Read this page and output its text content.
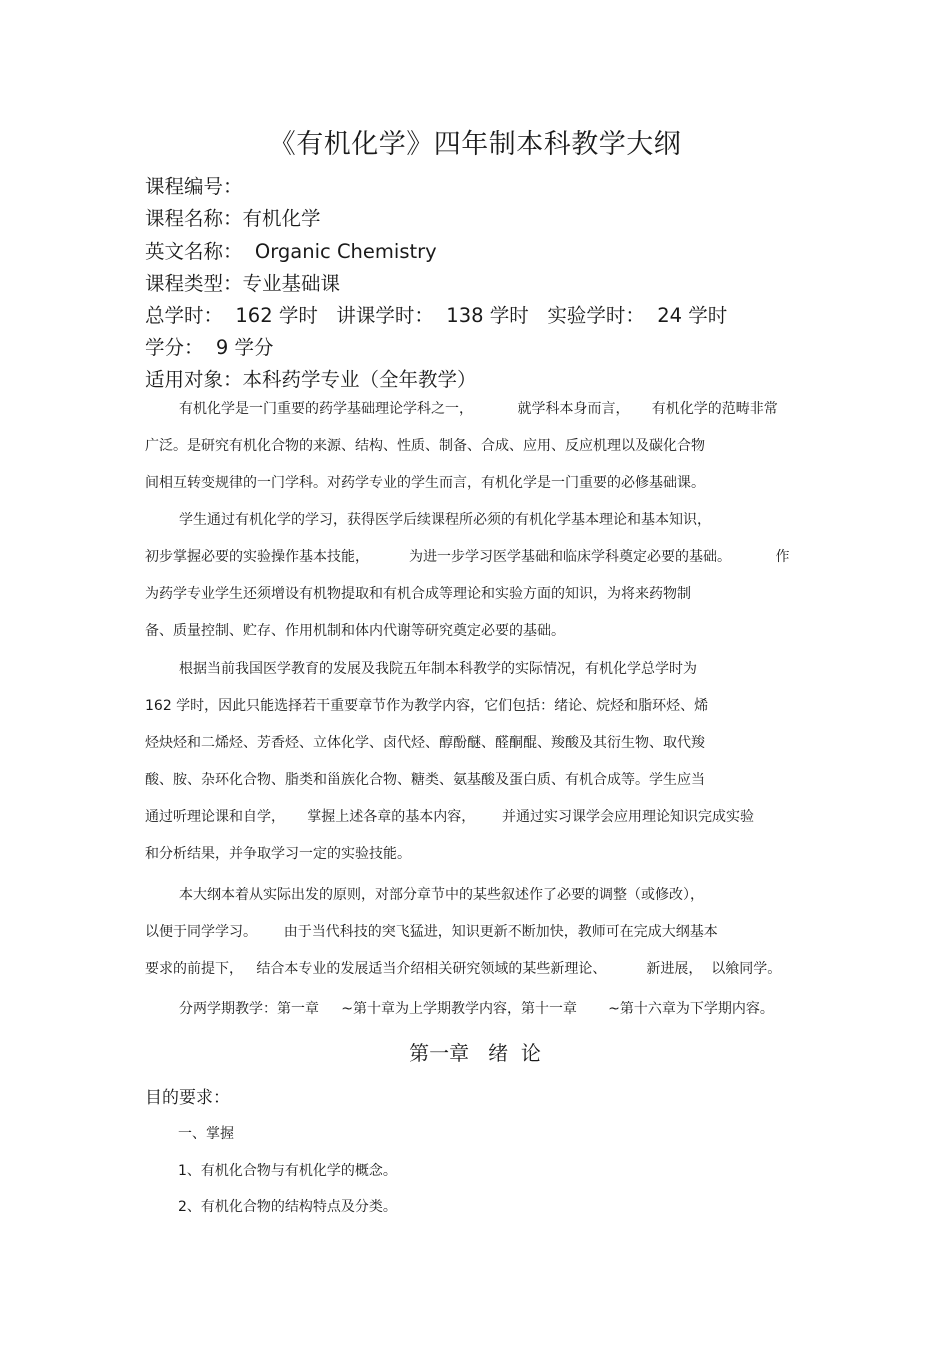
《有机化学》四年制本科教学大纲
课程编号：
课程名称：有机化学
英文名称：  Organic Chemistry
课程类型：专业基础课
总学时：  162 学时   讲课学时：  138 学时   实验学时：  24 学时
学分：  9 学分
适用对象：本科药学专业（全年教学）
有机化学是一门重要的药学基础理论学科之一，          就学科本身而言，     有机化学的范畴非常
广泛。是研究有机化合物的来源、结构、性质、制备、合成、应用、反应机理以及碳化合物
间相互转变规律的一门学科。对药学专业的学生而言，有机化学是一门重要的必修基础课。
学生通过有机化学的学习，获得医学后续课程所必须的有机化学基本理论和基本知识，
初步掌握必要的实验操作基本技能，         为进一步学习医学基础和临床学科奠定必要的基础。          作
为药学专业学生还须增设有机物提取和有机合成等理论和实验方面的知识，为将来药物制
备、质量控制、贮存、作用机制和体内代谢等研究奠定必要的基础。
根据当前我国医学教育的发展及我院五年制本科教学的实际情况，有机化学总学时为
162 学时，因此只能选择若干重要章节作为教学内容，它们包括：绪论、烷烃和脂环烃、烯
烃炔烃和二烯烃、芳香烃、立体化学、卤代烃、醇酚醚、醛酮醌、羧酸及其衍生物、取代羧
酸、胺、杂环化合物、脂类和甾族化合物、糖类、氨基酸及蛋白质、有机合成等。学生应当
通过听理论课和自学，     掌握上述各章的基本内容，      并通过实习课学会应用理论知识完成实验
和分析结果，并争取学习一定的实验技能。
本大纲本着从实际出发的原则，对部分章节中的某些叙述作了必要的调整（或修改），
以便于同学学习。      由于当代科技的突飞猛进，知识更新不断加快，教师可在完成大纲基本
要求的前提下，   结合本专业的发展适当介绍相关研究领域的某些新理论、         新进展，  以飨同学。
分两学期教学：第一章     ~第十章为上学期教学内容，第十一章       ~第十六章为下学期内容。
第一章   绪  论
目的要求：
一、掌握
1、有机化合物与有机化学的概念。
2、有机化合物的结构特点及分类。
